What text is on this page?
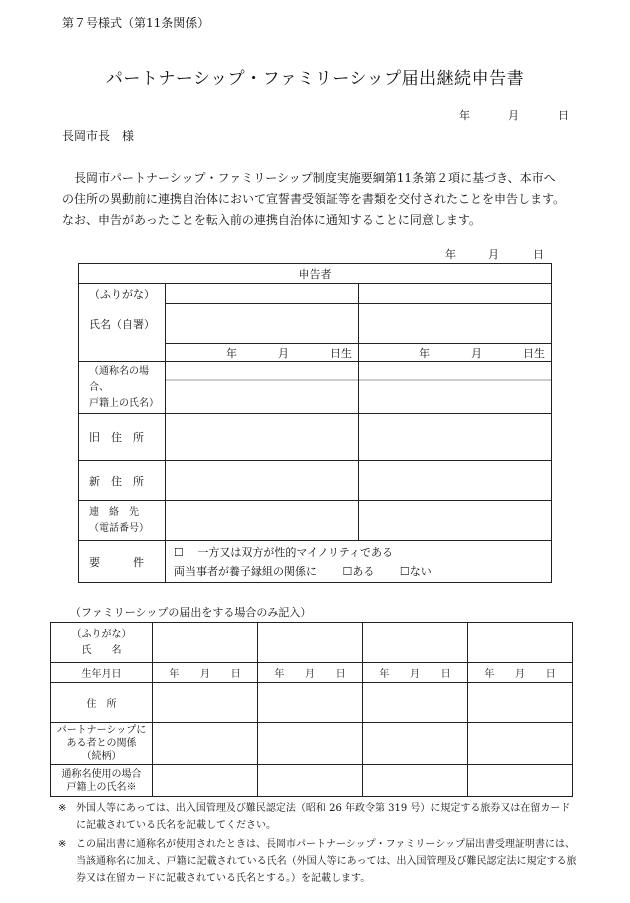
第７号様式（第11条関係）
パートナーシップ・ファミリーシップ届出継続申告書
年	月	日
長岡市長　様

　長岡市パートナーシップ・ファミリーシップ制度実施要綱第11条第２項に基づき、本市へ

の住所の異動前に連携自治体において宣誓書受領証等を書類を交付されたことを申告します。

なお、申告があったことを転入前の連携自治体に通知することに同意します。

年	月	日
申告者		
（ふりがな）		
氏名（自署）		

	年 月 日生	年 月 日生

（通称名の場合、
戸籍上の氏名）		

旧　住　所		
新　住　所		

連　絡　先
（電話番号）		

要　　　件	☐ 一方又は双方が性的マイノリティである
両当事者が養子縁組の関係に ☐ある ☐ない	
（ファミリーシップの届出をする場合のみ記入）
（ふりがな）
氏　　名				

生年月日	年 月 日	年 月 日	年 月 日	年 月 日

住　所				

パートナーシップに
ある者との関係
（続柄）				

通称名使用の場合
戸籍上の氏名※				

※ 外国人等にあっては、出入国管理及び難民認定法（昭和 26 年政令第 319 号）に規定する旅券又は在留カードに記載されている氏名を記載してください。
※ この届出書に通称名が使用されたときは、長岡市パートナーシップ・ファミリーシップ届出書受理証明書には、当該通称名に加え、戸籍に記載されている氏名（外国人等にあっては、出入国管理及び難民認定法に規定する旅券又は在留カードに記載されている氏名とする。）を記載します。
